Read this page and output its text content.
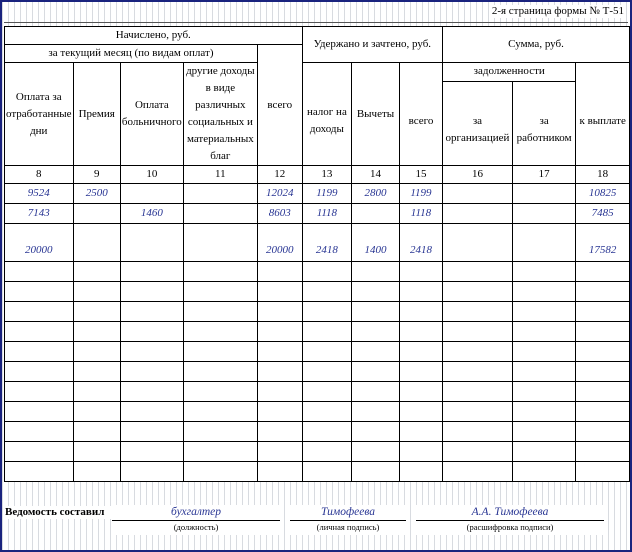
2-я страница формы № Т-51
Начислено, руб.					Удержано и зачтено, руб.			Сумма, руб.		
за текущий месяц (по видам оплат)				всего						
Оплата за отработанные дни	Премия	Оплата больничного	другие доходы в виде различных социальных и материальных благ		налог на доходы	Вычеты	всего	задолженности		к выплате
								за организацией	за работником	
8	9	10	11	12	13	14	15	16	17	18
9524	2500			12024	1199	2800	1199			10825
7143		1460		8603	1118		1118			7485
20000				20000	2418	1400	2418			17582

Ведомость составил	бухгалтер
(должность)
Тимофеева
(личная подпись)
А.А. Тимофеева
(расшифровка подписи)
